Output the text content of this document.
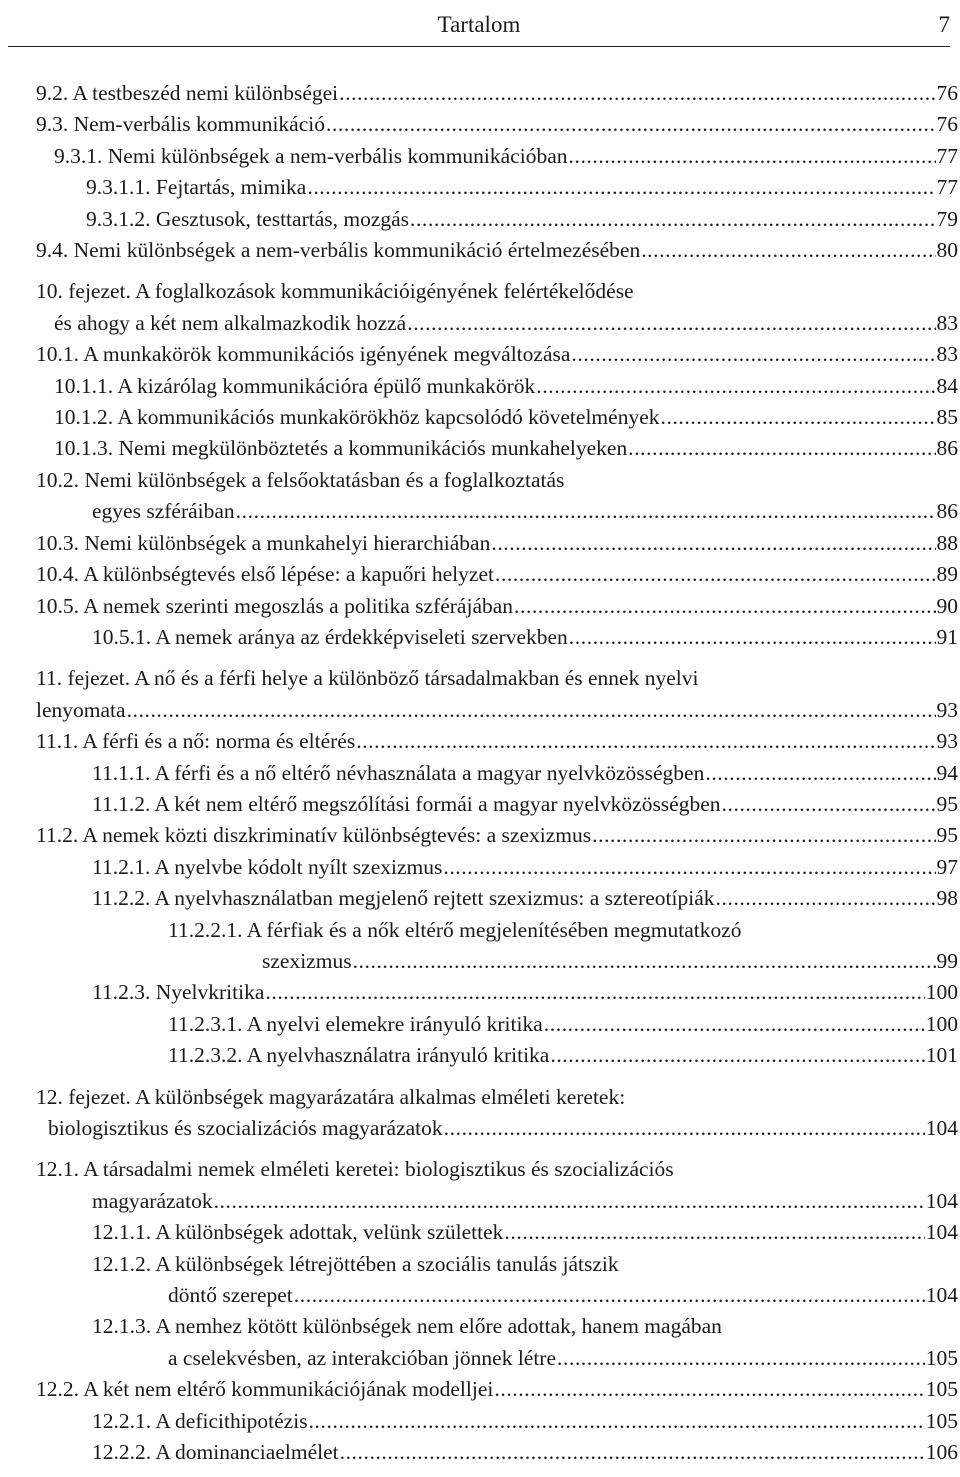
Tartalom	7
9.2. A testbeszéd nemi különbségei .....	76
9.3. Nem-verbális kommunikáció .....	76
9.3.1. Nemi különbségek a nem-verbális kommunikációban .....	77
9.3.1.1. Fejtartás, mimika .....	77
9.3.1.2. Gesztusok, testtartás, mozgás .....	79
9.4. Nemi különbségek a nem-verbális kommunikáció értelmezésében .....	80
10. fejezet. A foglalkozások kommunikációigényének felértékelődése
és ahogy a két nem alkalmazkodik hozzá .....	83
10.1. A munkakörök kommunikációs igényének megváltozása .....	83
10.1.1. A kizárólag kommunikációra épülő munkakörök .....	84
10.1.2. A kommunikációs munkakörökhöz kapcsolódó követelmények .....	85
10.1.3. Nemi megkülönböztetés a kommunikációs munkahelyeken .....	86
10.2. Nemi különbségek a felsőoktatásban és a foglalkoztatás
egyes szféráiban .....	86
10.3. Nemi különbségek a munkahelyi hierarchiában .....	88
10.4. A különbségtevés első lépése: a kapuőri helyzet .....	89
10.5. A nemek szerinti megoszlás a politika szférájában .....	90
10.5.1. A nemek aránya az érdekképviseleti szervekben .....	91
11. fejezet. A nő és a férfi helye a különböző társadalmakban és ennek nyelvi
lenyomata .....	93
11.1. A férfi és a nő: norma és eltérés .....	93
11.1.1. A férfi és a nő eltérő névhasználata a magyar nyelvközösségben .....	94
11.1.2. A két nem eltérő megszólítási formái a magyar nyelvközösségben .....	95
11.2. A nemek közti diszkriminatív különbségtevés: a szexizmus .....	95
11.2.1. A nyelvbe kódolt nyílt szexizmus .....	97
11.2.2. A nyelvhasználatban megjelenő rejtett szexizmus: a sztereotípiák .....	98
11.2.2.1. A férfiak és a nők eltérő megjelenítésében megmutatkozó
szexizmus .....	99
11.2.3. Nyelvkritika .....	100
11.2.3.1. A nyelvi elemekre irányuló kritika .....	100
11.2.3.2. A nyelvhasználatra irányuló kritika .....	101
12. fejezet. A különbségek magyarázatára alkalmas elméleti keretek:
biologisztikus és szocializációs magyarázatok .....	104
12.1. A társadalmi nemek elméleti keretei: biologisztikus és szocializációs
magyarázatok .....	104
12.1.1. A különbségek adottak, velünk születtek .....	104
12.1.2. A különbségek létrejöttében a szociális tanulás játszik
döntő szerepet .....	104
12.1.3. A nemhez kötött különbségek nem előre adottak, hanem magában
a cselekvésben, az interakcióban jönnek létre .....	105
12.2. A két nem eltérő kommunikációjának modelljei .....	105
12.2.1. A deficithipotézis .....	105
12.2.2. A dominanciaelmélet .....	106
